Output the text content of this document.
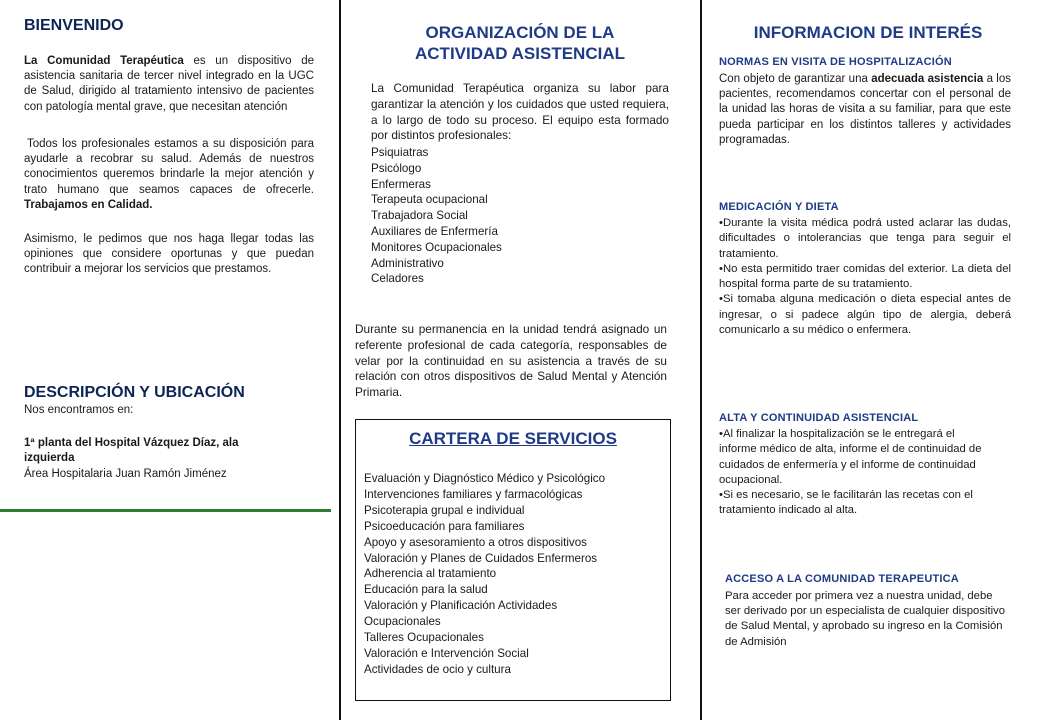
BIENVENIDO

La Comunidad Terapéutica es un dispositivo de asistencia sanitaria de tercer nivel integrado en la UGC de Salud, dirigido al tratamiento intensivo de pacientes con patología mental grave, que necesitan atención

Todos los profesionales estamos a su disposición para ayudarle a recobrar su salud. Además de nuestros conocimientos queremos brindarle la mejor atención y trato humano que seamos capaces de ofrecerle. Trabajamos en Calidad.

Asimismo, le pedimos que nos haga llegar todas las opiniones que considere oportunas y que puedan contribuir a mejorar los servicios que prestamos.

DESCRIPCIÓN Y UBICACIÓN

Nos encontramos en:

1ª planta del Hospital Vázquez Díaz, ala izquierda

Área Hospitalaria Juan Ramón Jiménez

ORGANIZACIÓN DE LA

ACTIVIDAD ASISTENCIAL

La Comunidad Terapéutica organiza su labor para garantizar la atención y los cuidados que usted requiera, a lo largo de todo su proceso. El equipo esta formado por distintos profesionales:

Psiquiatras
Psicólogo
Enfermeras
Terapeuta ocupacional
Trabajadora Social
Auxiliares de Enfermería
Monitores Ocupacionales
Administrativo
Celadores

Durante su permanencia en la unidad tendrá asignado un referente profesional de cada categoría, responsables de velar por la continuidad en su asistencia a través de su relación con otros dispositivos de Salud Mental y Atención Primaria.

CARTERA DE SERVICIOS

Evaluación y Diagnóstico Médico y Psicológico
Intervenciones familiares y farmacológicas
Psicoterapia grupal e individual
Psicoeducación para familiares
Apoyo y asesoramiento a otros dispositivos
Valoración y Planes de Cuidados Enfermeros
Adherencia al tratamiento
Educación para la salud
Valoración y Planificación Actividades
Ocupacionales
Talleres Ocupacionales
Valoración e Intervención Social
Actividades de ocio y cultura
INFORMACION DE INTERÉS

NORMAS EN VISITA DE HOSPITALIZACIÓN

Con objeto de garantizar una adecuada asistencia a los pacientes, recomendamos concertar con el personal de la unidad las horas de visita a su familiar, para que este pueda participar en los distintos talleres y actividades programadas.

MEDICACIÓN Y DIETA

•Durante la visita médica podrá usted aclarar las dudas, dificultades o intolerancias que tenga para seguir el tratamiento.
•No esta permitido traer comidas del exterior. La dieta del hospital forma parte de su tratamiento.
•Si tomaba alguna medicación o dieta especial antes de ingresar, o si padece algún tipo de alergia, deberá comunicarlo a su médico o enfermera.

ALTA Y CONTINUIDAD ASISTENCIAL

•Al finalizar la hospitalización se le entregará el informe médico de alta, informe el de continuidad de cuidados de enfermería y el informe de continuidad ocupacional.
•Si es necesario, se le facilitarán las recetas con el tratamiento indicado al alta.

ACCESO A LA COMUNIDAD TERAPEUTICA

Para acceder por primera vez a nuestra unidad, debe ser derivado por un especialista de cualquier dispositivo de Salud Mental, y aprobado su ingreso en la Comisión de Admisión
